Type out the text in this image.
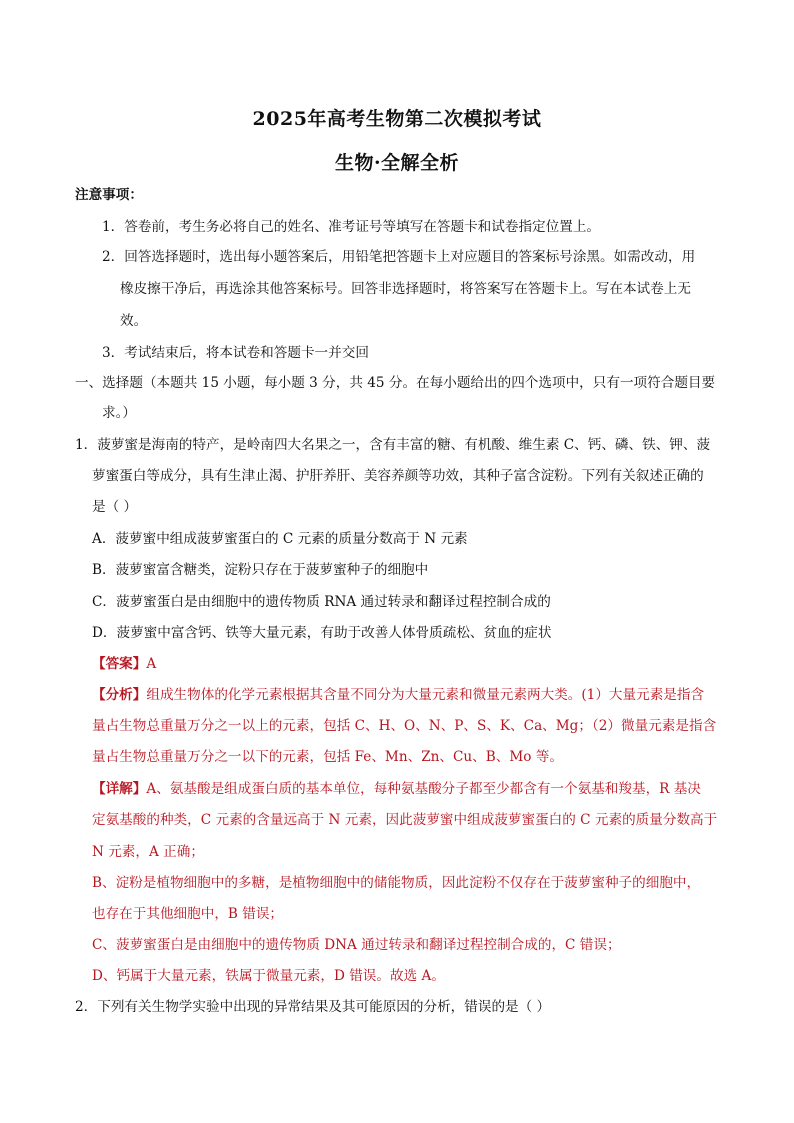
2025年高考生物第二次模拟考试
生物·全解全析
注意事项：
1．答卷前，考生务必将自己的姓名、准考证号等填写在答题卡和试卷指定位置上。
2．回答选择题时，选出每小题答案后，用铅笔把答题卡上对应题目的答案标号涂黑。如需改动，用
橡皮擦干净后，再选涂其他答案标号。回答非选择题时，将答案写在答题卡上。写在本试卷上无
效。
3．考试结束后，将本试卷和答题卡一并交回
一、选择题（本题共 15 小题，每小题 3 分，共 45 分。在每小题给出的四个选项中，只有一项符合题目要
求。）
1．菠萝蜜是海南的特产，是岭南四大名果之一，含有丰富的糖、有机酸、维生素 C、钙、磷、铁、钾、菠
萝蜜蛋白等成分，具有生津止渴、护肝养肝、美容养颜等功效，其种子富含淀粉。下列有关叙述正确的
是（ ）
A．菠萝蜜中组成菠萝蜜蛋白的 C 元素的质量分数高于 N 元素
B．菠萝蜜富含糖类，淀粉只存在于菠萝蜜种子的细胞中
C．菠萝蜜蛋白是由细胞中的遗传物质 RNA 通过转录和翻译过程控制合成的
D．菠萝蜜中富含钙、铁等大量元素，有助于改善人体骨质疏松、贫血的症状
【答案】A
【分析】组成生物体的化学元素根据其含量不同分为大量元素和微量元素两大类。(1）大量元素是指含
量占生物总重量万分之一以上的元素，包括 C、H、O、N、P、S、K、Ca、Mg；（2）微量元素是指含
量占生物总重量万分之一以下的元素，包括 Fe、Mn、Zn、Cu、B、Mo 等。
【详解】A、氨基酸是组成蛋白质的基本单位，每种氨基酸分子都至少都含有一个氨基和羧基，R 基决
定氨基酸的种类，C 元素的含量远高于 N 元素，因此菠萝蜜中组成菠萝蜜蛋白的 C 元素的质量分数高于
N 元素，A 正确；
B、淀粉是植物细胞中的多糖，是植物细胞中的储能物质，因此淀粉不仅存在于菠萝蜜种子的细胞中，
也存在于其他细胞中，B 错误；
C、菠萝蜜蛋白是由细胞中的遗传物质 DNA 通过转录和翻译过程控制合成的，C 错误；
D、钙属于大量元素，铁属于微量元素，D 错误。故选 A。
2．下列有关生物学实验中出现的异常结果及其可能原因的分析，错误的是（ ）
